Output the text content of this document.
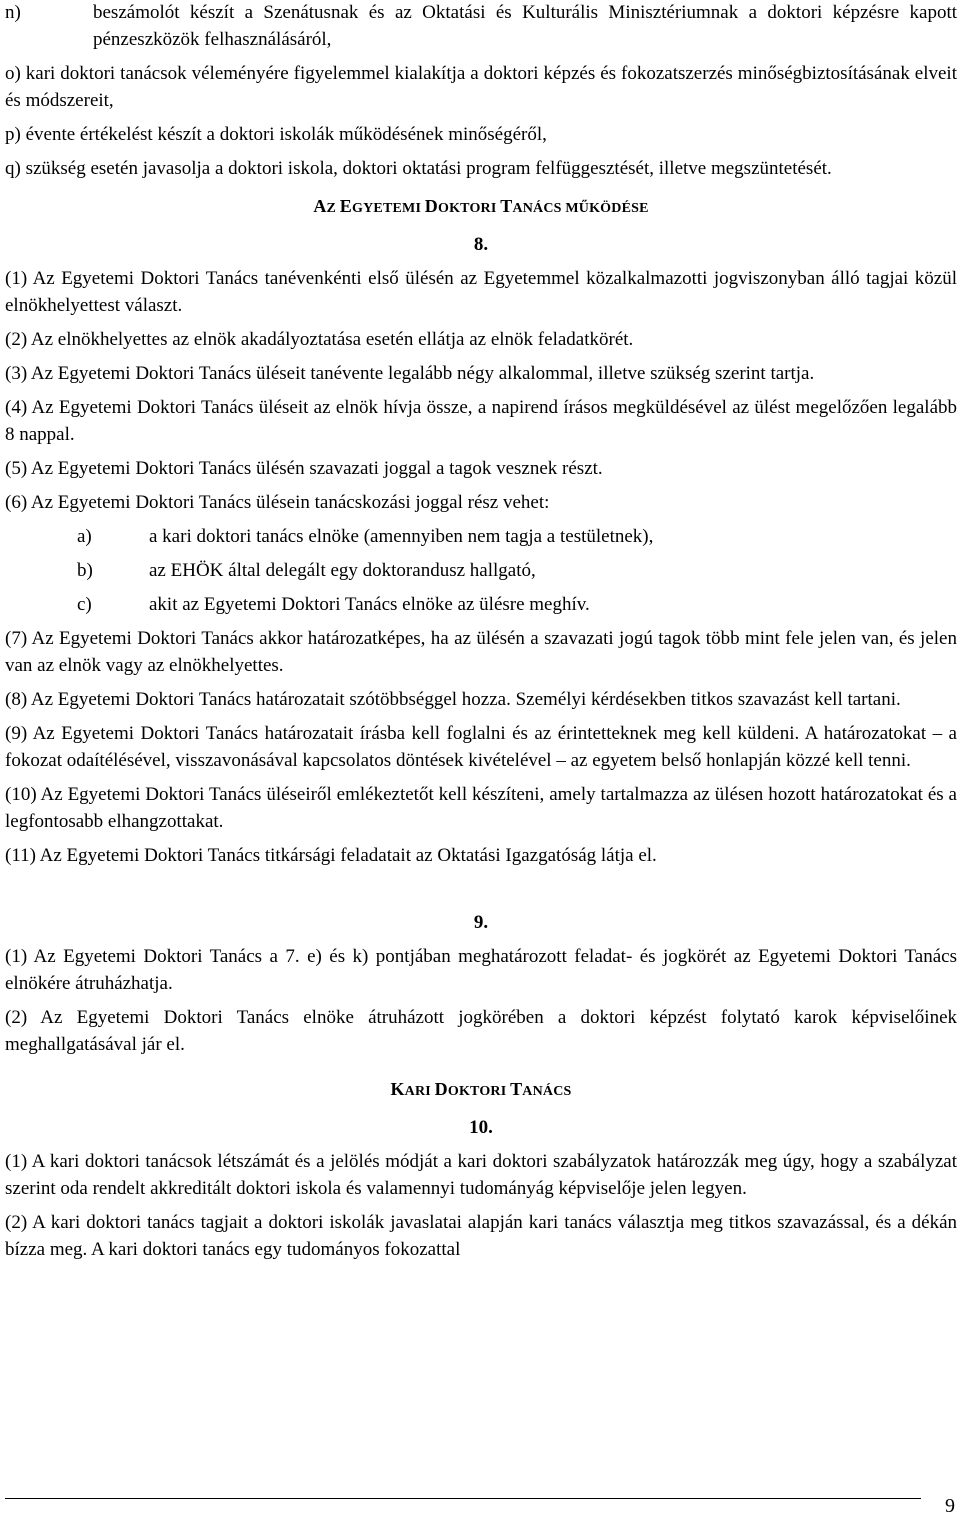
n)	beszámolót készít a Szenátusnak és az Oktatási és Kulturális Minisztériumnak a doktori képzésre kapott pénzeszközök felhasználásáról,

o) kari doktori tanácsok véleményére figyelemmel kialakítja a doktori képzés és fokozatszerzés minőségbiztosításának elveit és módszereit,

p) évente értékelést készít a doktori iskolák működésének minőségéről,

q) szükség esetén javasolja a doktori iskola, doktori oktatási program felfüggesztését, illetve megszüntetését.

AZ EGYETEMI DOKTORI TANÁCS MŰKÖDÉSE
8.

(1) Az Egyetemi Doktori Tanács tanévenkénti első ülésén az Egyetemmel közalkalmazotti jogviszonyban álló tagjai közül elnökhelyettest választ.

(2) Az elnökhelyettes az elnök akadályoztatása esetén ellátja az elnök feladatkörét.

(3) Az Egyetemi Doktori Tanács üléseit tanévente legalább négy alkalommal, illetve szükség szerint tartja.

(4) Az Egyetemi Doktori Tanács üléseit az elnök hívja össze, a napirend írásos megküldésével az ülést megelőzően legalább 8 nappal.

(5) Az Egyetemi Doktori Tanács ülésén szavazati joggal a tagok vesznek részt.

(6) Az Egyetemi Doktori Tanács ülésein tanácskozási joggal rész vehet:

a)	a kari doktori tanács elnöke (amennyiben nem tagja a testületnek),
b)	az EHÖK által delegált egy doktorandusz hallgató,
c)	akit az Egyetemi Doktori Tanács elnöke az ülésre meghív.

(7) Az Egyetemi Doktori Tanács akkor határozatképes, ha az ülésén a szavazati jogú tagok több mint fele jelen van, és jelen van az elnök vagy az elnökhelyettes.

(8) Az Egyetemi Doktori Tanács határozatait szótöbbséggel hozza. Személyi kérdésekben titkos szavazást kell tartani.

(9) Az Egyetemi Doktori Tanács határozatait írásba kell foglalni és az érintetteknek meg kell küldeni. A határozatokat – a fokozat odaítélésével, visszavonásával kapcsolatos döntések kivételével – az egyetem belső honlapján közzé kell tenni.

(10) Az Egyetemi Doktori Tanács üléseiről emlékeztetőt kell készíteni, amely tartalmazza az ülésen hozott határozatokat és a legfontosabb elhangzottakat.

(11) Az Egyetemi Doktori Tanács titkársági feladatait az Oktatási Igazgatóság látja el.

9.

(1) Az Egyetemi Doktori Tanács a 7. e) és k) pontjában meghatározott feladat- és jogkörét az Egyetemi Doktori Tanács elnökére átruházhatja.

(2) Az Egyetemi Doktori Tanács elnöke átruházott jogkörében a doktori képzést folytató karok képviselőinek meghallgatásával jár el.

KARI DOKTORI TANÁCS
10.

(1) A kari doktori tanácsok létszámát és a jelölés módját a kari doktori szabályzatok határozzák meg úgy, hogy a szabályzat szerint oda rendelt akkreditált doktori iskola és valamennyi tudományág képviselője jelen legyen.

(2) A kari doktori tanács tagjait a doktori iskolák javaslatai alapján kari tanács választja meg titkos szavazással, és a dékán bízza meg. A kari doktori tanács egy tudományos fokozattal

9
